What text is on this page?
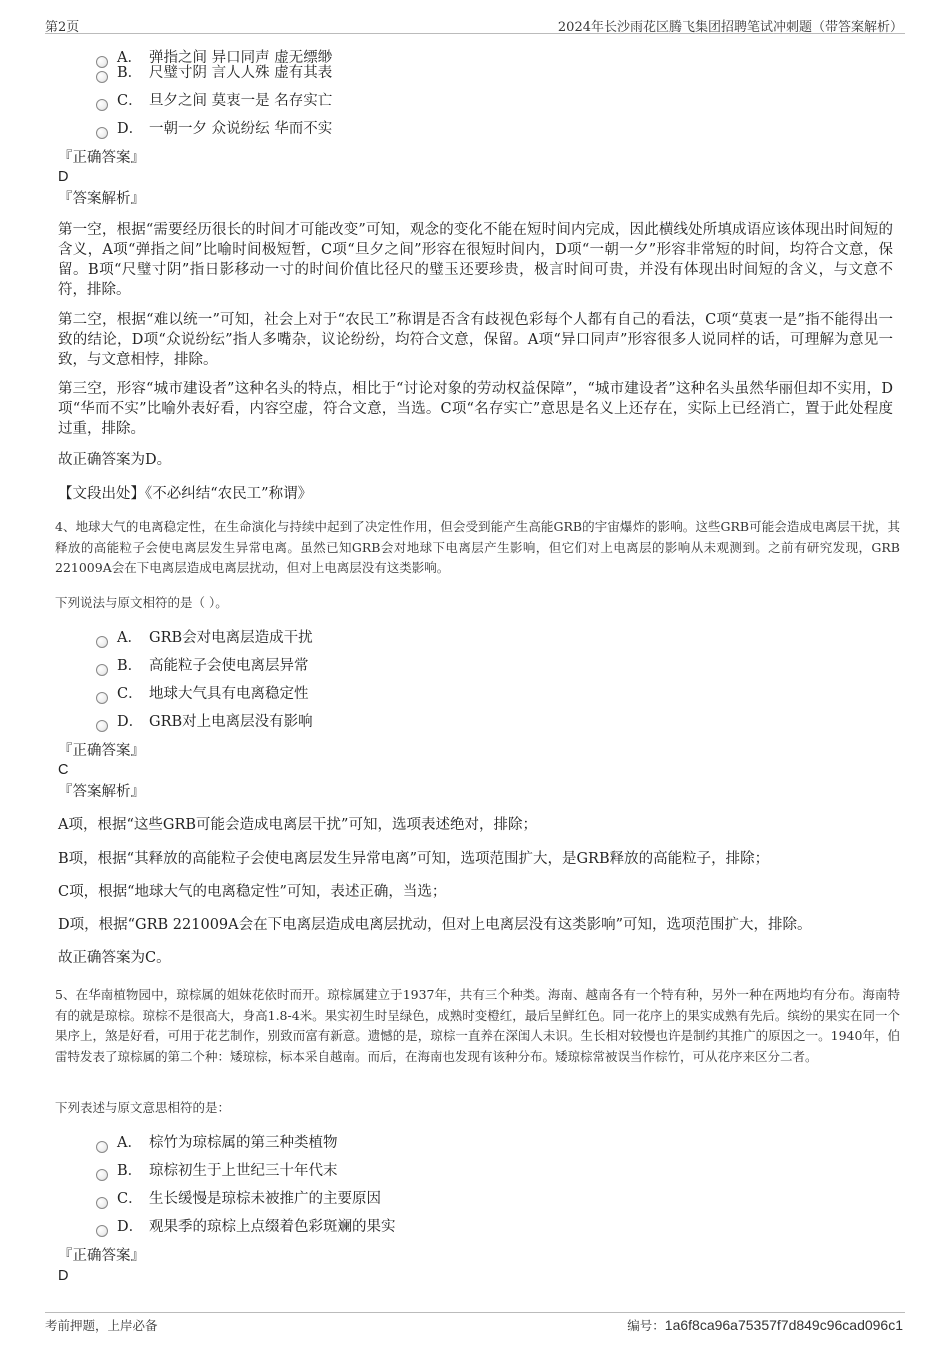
第2页	2024年长沙雨花区腾飞集团招聘笔试冲刺题（带答案解析）
A． 弹指之间 异口同声 虚无缥缈
B． 尺璧寸阴 言人人殊 虚有其表
C． 旦夕之间 莫衷一是 名存实亡
D． 一朝一夕 众说纷纭 华而不实
『正确答案』
D
『答案解析』
第一空，根据“需要经历很长的时间才可能改变”可知，观念的变化不能在短时间内完成，因此横线处所填成语应该体现出时间短的含义，A项“弹指之间”比喻时间极短暂，C项“旦夕之间”形容在很短时间内，D项“一朝一夕”形容非常短的时间，均符合文意，保留。B项“尺璧寸阴”指日影移动一寸的时间价值比径尺的璧玉还要珍贵，极言时间可贵，并没有体现出时间短的含义，与文意不符，排除。
第二空，根据“难以统一”可知，社会上对于“农民工”称谓是否含有歧视色彩每个人都有自己的看法，C项“莫衷一是”指不能得出一致的结论，D项“众说纷纭”指人多嘴杂，议论纷纷，均符合文意，保留。A项“异口同声”形容很多人说同样的话，可理解为意见一致，与文意相悖，排除。
第三空，形容“城市建设者”这种名头的特点，相比于“讨论对象的劳动权益保障”，“城市建设者”这种名头虽然华丽但却不实用，D项“华而不实”比喻外表好看，内容空虚，符合文意，当选。C项“名存实亡”意思是名义上还存在，实际上已经消亡，置于此处程度过重，排除。
故正确答案为D。
【文段出处】《不必纠结“农民工”称谓》
4、地球大气的电离稳定性，在生命演化与持续中起到了决定性作用，但会受到能产生高能GRB的宇宙爆炸的影响。这些GRB可能会造成电离层干扰，其释放的高能粒子会使电离层发生异常电离。虽然已知GRB会对地球下电离层产生影响，但它们对上电离层的影响从未观测到。之前有研究发现，GRB 221009A会在下电离层造成电离层扰动，但对上电离层没有这类影响。
下列说法与原文相符的是（ ）。
A． GRB会对电离层造成干扰
B． 高能粒子会使电离层异常
C． 地球大气具有电离稳定性
D． GRB对上电离层没有影响
『正确答案』
C
『答案解析』
A项，根据“这些GRB可能会造成电离层干扰”可知，选项表述绝对，排除；
B项，根据“其释放的高能粒子会使电离层发生异常电离”可知，选项范围扩大，是GRB释放的高能粒子，排除；
C项，根据“地球大气的电离稳定性”可知，表述正确，当选；
D项，根据“GRB 221009A会在下电离层造成电离层扰动，但对上电离层没有这类影响”可知，选项范围扩大，排除。
故正确答案为C。
5、在华南植物园中，琼棕属的姐妹花依时而开。琼棕属建立于1937年，共有三个种类。海南、越南各有一个特有种，另外一种在两地均有分布。海南特有的就是琼棕。琼棕不是很高大，身高1.8-4米。果实初生时呈绿色，成熟时变橙红，最后呈鲜红色。同一花序上的果实成熟有先后。缤纷的果实在同一个果序上，煞是好看，可用于花艺制作，别致而富有新意。遗憾的是，琼棕一直养在深闺人未识。生长相对较慢也许是制约其推广的原因之一。1940年，伯雷特发表了琼棕属的第二个种：矮琼棕，标本采自越南。而后，在海南也发现有该种分布。矮琼棕常被误当作棕竹，可从花序来区分二者。
下列表述与原文意思相符的是：
A． 棕竹为琼棕属的第三种类植物
B． 琼棕初生于上世纪三十年代末
C． 生长缓慢是琼棕未被推广的主要原因
D． 观果季的琼棕上点缀着色彩斑斓的果实
『正确答案』
D
考前押题，上岸必备	编号：1a6f8ca96a75357f7d849c96cad096c1
